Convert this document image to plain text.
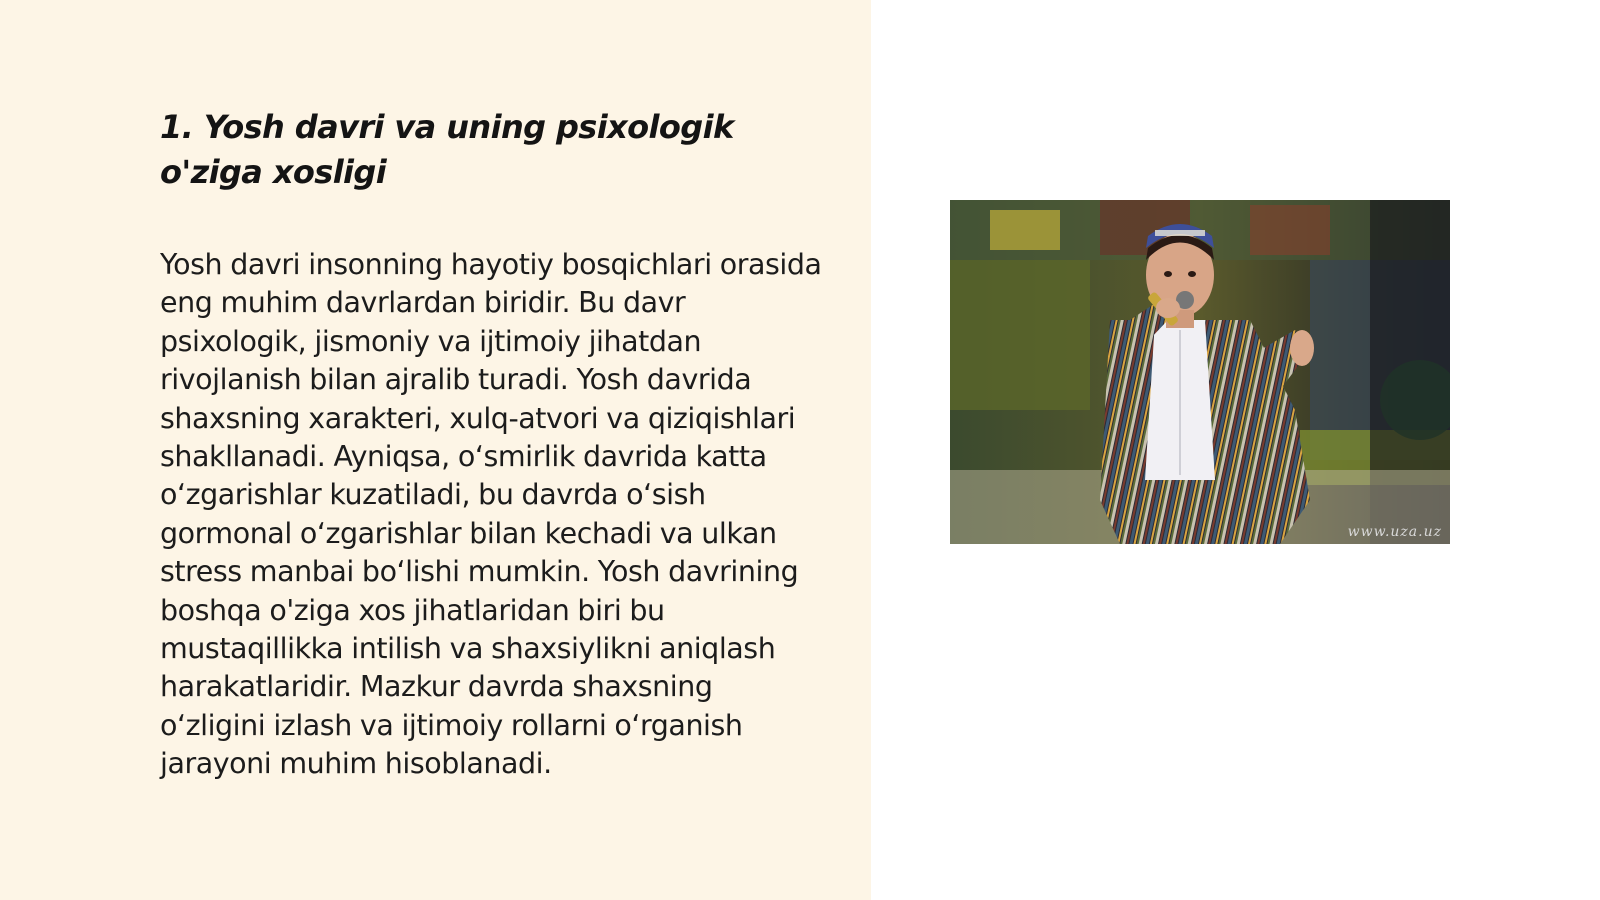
1. Yosh davri va uning psixologik o'ziga xosligi

Yosh davri insonning hayotiy bosqichlari orasida eng muhim davrlardan biridir. Bu davr psixologik, jismoniy va ijtimoiy jihatdan rivojlanish bilan ajralib turadi. Yosh davrida shaxsning xarakteri, xulq-atvori va qiziqishlari shakllanadi. Ayniqsa, oʻsmirlik davrida katta oʻzgarishlar kuzatiladi, bu davrda oʻsish gormonal oʻzgarishlar bilan kechadi va ulkan stress manbai boʻlishi mumkin. Yosh davrining boshqa o'ziga xos jihatlaridan biri bu mustaqillikka intilish va shaxsiylikni aniqlash harakatlaridir. Mazkur davrda shaxsning oʻzligini izlash va ijtimoiy rollarni oʻrganish jarayoni muhim hisoblanadi.

www.uza.uz
